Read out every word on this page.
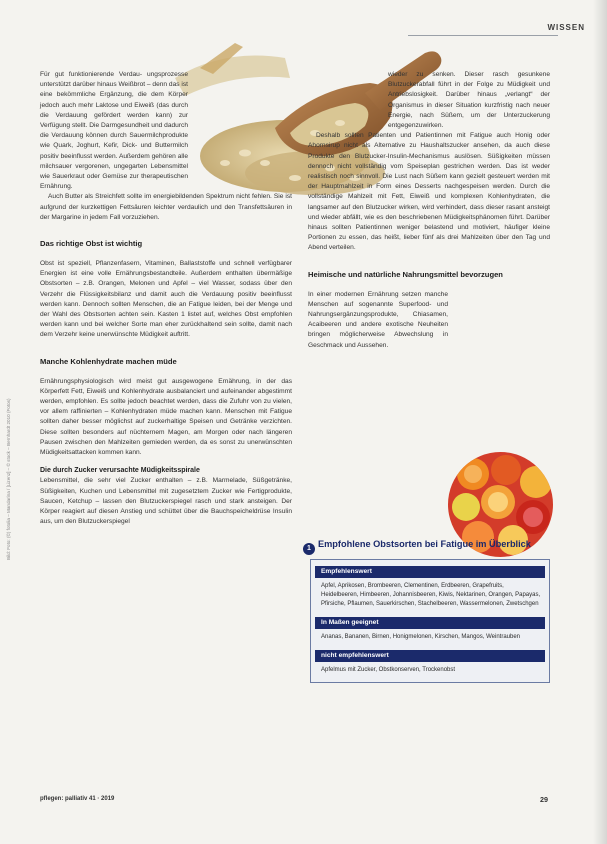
WISSEN
Bild: Foto: (©) fotolia – Mandarina / [Lizenz] – © stock – Bernhardt 2010 (Fotos)

Für gut funktionierende Verdau- ungsprozesse unterstützt darüber hinaus Weißbrot – denn das ist eine bekömmliche Ergänzung, die dem Körper jedoch auch mehr Laktose und Eiweiß (das durch die Verdauung gefördert werden kann) zur Verfügung stellt. Die Darmgesundheit und dadurch die Verdauung können durch Sauermilchprodukte wie Quark, Joghurt, Kefir, Dick- und Buttermilch positiv beeinflusst werden. Außerdem gehören alle milchsauer vergorenen, ungegarten Lebensmittel wie Sauerkraut oder Gemüse zur therapeutischen Ernährung.

Auch Butter als Streichfett sollte im energiebildenden Spektrum nicht fehlen. Sie ist aufgrund der kurzkettigen Fettsäuren leichter verdaulich und den Transfettsäuren in der Margarine in jedem Fall vorzuziehen.

Das richtige Obst ist wichtig

Obst ist speziell, Pflanzenfasern, Vitaminen, Ballaststoffe und schnell verfügbarer Energien ist eine volle Ernährungsbestandteile. Außerdem enthalten übermäßige Obstsorten – z.B. Orangen, Melonen und Apfel – viel Wasser, sodass über den Verzehr die Flüssigkeitsbilanz und damit auch die Verdauung positiv beeinflusst werden kann. Dennoch sollten Menschen, die an Fatigue leiden, bei der Menge und der Wahl des Obstsorten achten sein. Kasten 1 listet auf, welches Obst empfohlen werden kann und bei welcher Sorte man eher zurückhaltend sein sollte, damit nach dem Verzehr keine unerwünschte Müdigkeit auftritt.

Manche Kohlenhydrate machen müde

Ernährungsphysiologisch wird meist gut ausgewogene Ernährung, in der das Körperfett Fett, Eiweiß und Kohlenhydrate ausbalanciert und aufeinander abgestimmt werden, empfohlen. Es sollte jedoch beachtet werden, dass die Zufuhr von zu vielen, vor allem raffinierten – Kohlenhydraten müde machen kann. Menschen mit Fatigue sollten daher besser möglichst auf zuckerhaltige Speisen und Getränke verzichten. Diese sollten besonders auf nüchternem Magen, am Morgen oder nach längeren Pausen zwischen den Mahlzeiten gemieden werden, da es sonst zu unerwünschten Müdigkeitsattacken kommen kann.

Die durch Zucker verursachte Müdigkeitsspirale

Lebensmittel, die sehr viel Zucker enthalten – z.B. Marmelade, Süßgetränke, Süßigkeiten, Kuchen und Lebensmittel mit zugesetztem Zucker wie Fertigprodukte, Saucen, Ketchup – lassen den Blutzuckerspiegel rasch und stark ansteigen. Der Körper reagiert auf diesen Anstieg und schüttet über die Bauchspeicheldrüse Insulin aus, um den Blutzuckerspiegel

wieder zu senken. Dieser rasch gesunkene Blutzuckerabfall führt in der Folge zu Müdigkeit und Antriebslosigkeit. Darüber hinaus „verlangt“ der Organismus in dieser Situation kurzfristig nach neuer Energie, nach Süßem, um der Unterzuckerung entgegenzuwirken.

Deshalb sollten Patienten und Patientinnen mit Fatigue auch Honig oder Ahornsirup nicht als Alternative zu Haushaltszucker ansehen, da auch diese Produkte den Blutzucker-Insulin-Mechanismus auslösen. Süßigkeiten müssen dennoch nicht vollständig vom Speiseplan gestrichen werden. Das ist weder realistisch noch sinnvoll. Die Lust nach Süßem kann gezielt gesteuert werden mit der Hauptmahlzeit in Form eines Desserts nachgespeisen werden. Durch die vollständige Mahlzeit mit Fett, Eiweiß und komplexen Kohlenhydraten, die langsamer auf den Blutzucker wirken, wird verhindert, dass dieser rasant ansteigt und wieder abfällt, wie es den beschriebenen Müdigkeitsphänomen führt. Darüber hinaus sollten Patientinnen weniger belastend und motiviert, häufiger kleine Portionen zu essen, das heißt, lieber fünf als drei Mahlzeiten über den Tag und Abend verteilen.

Heimische und natürliche Nahrungsmittel bevorzugen

In einer modernen Ernährung setzen manche Menschen auf sogenannte Superfood- und Nahrungsergänzungsprodukte, Chiasamen, Acaibeeren und andere exotische Neuheiten bringen möglicherweise Abwechslung in Geschmack und Aussehen.

1 Empfohlene Obstsorten bei Fatigue im Überblick
Empfehlenswert
Apfel, Aprikosen, Brombeeren, Clementinen, Erdbeeren, Grapefruits, Heidelbeeren, Himbeeren, Johannisbeeren, Kiwis, Nektarinen, Orangen, Papayas, Pfirsiche, Pflaumen, Sauerkirschen, Stachelbeeren, Wassermelonen, Zwetschgen
In Maßen geeignet
Ananas, Bananen, Birnen, Honigmelonen, Kirschen, Mangos, Weintrauben
nicht empfehlenswert
Apfelmus mit Zucker, Obstkonserven, Trockenobst
pflegen: palliativ 41 · 2019	29
